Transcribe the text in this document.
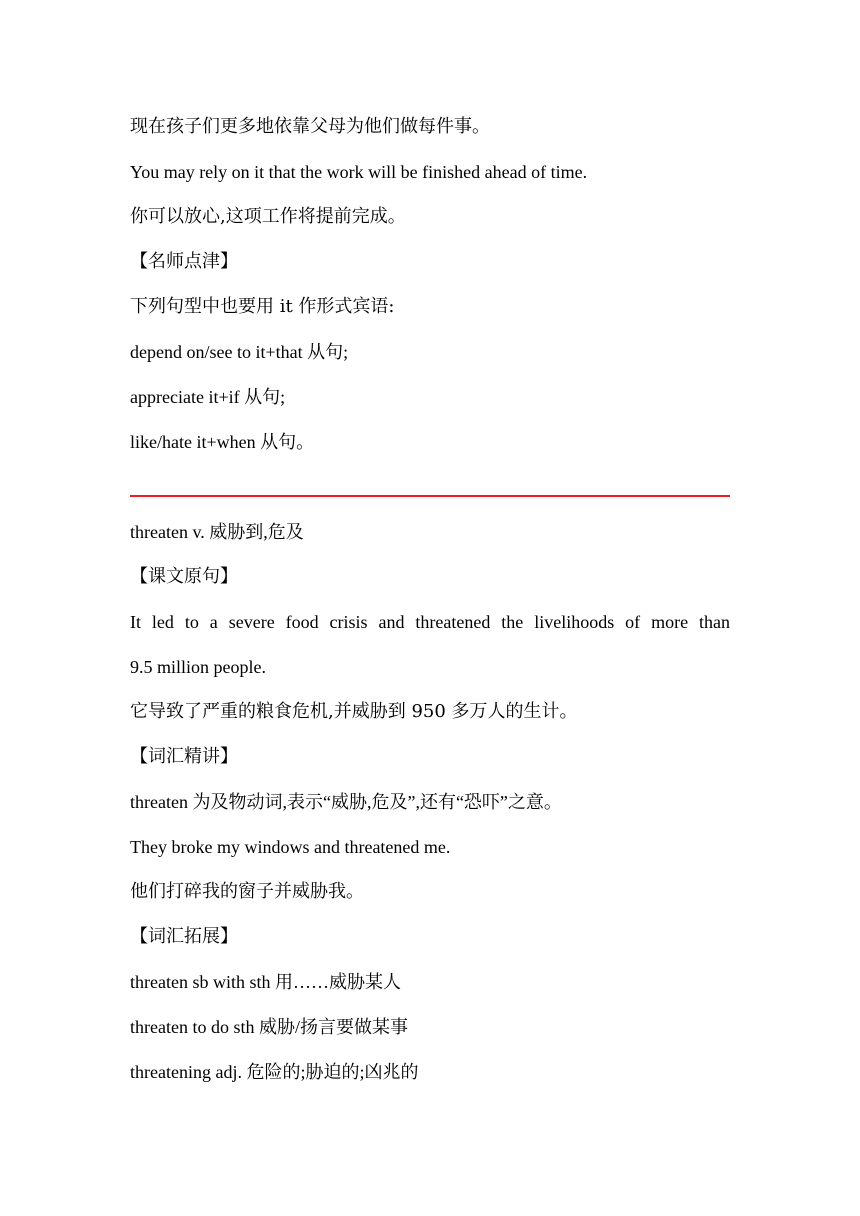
现在孩子们更多地依靠父母为他们做每件事。
You may rely on it that the work will be finished ahead of time.
你可以放心,这项工作将提前完成。
【名师点津】
下列句型中也要用 it 作形式宾语:
depend on/see to it+that 从句;
appreciate it+if 从句;
like/hate it+when 从句。
threaten v. 威胁到,危及
【课文原句】
It led to a severe food crisis and threatened the livelihoods of more than
9.5 million people.
它导致了严重的粮食危机,并威胁到 950 多万人的生计。
【词汇精讲】
threaten 为及物动词,表示“威胁,危及”,还有“恐吓”之意。
They broke my windows and threatened me.
他们打碎我的窗子并威胁我。
【词汇拓展】
threaten sb with sth 用……威胁某人
threaten to do sth 威胁/扬言要做某事
threatening adj. 危险的;胁迫的;凶兆的
